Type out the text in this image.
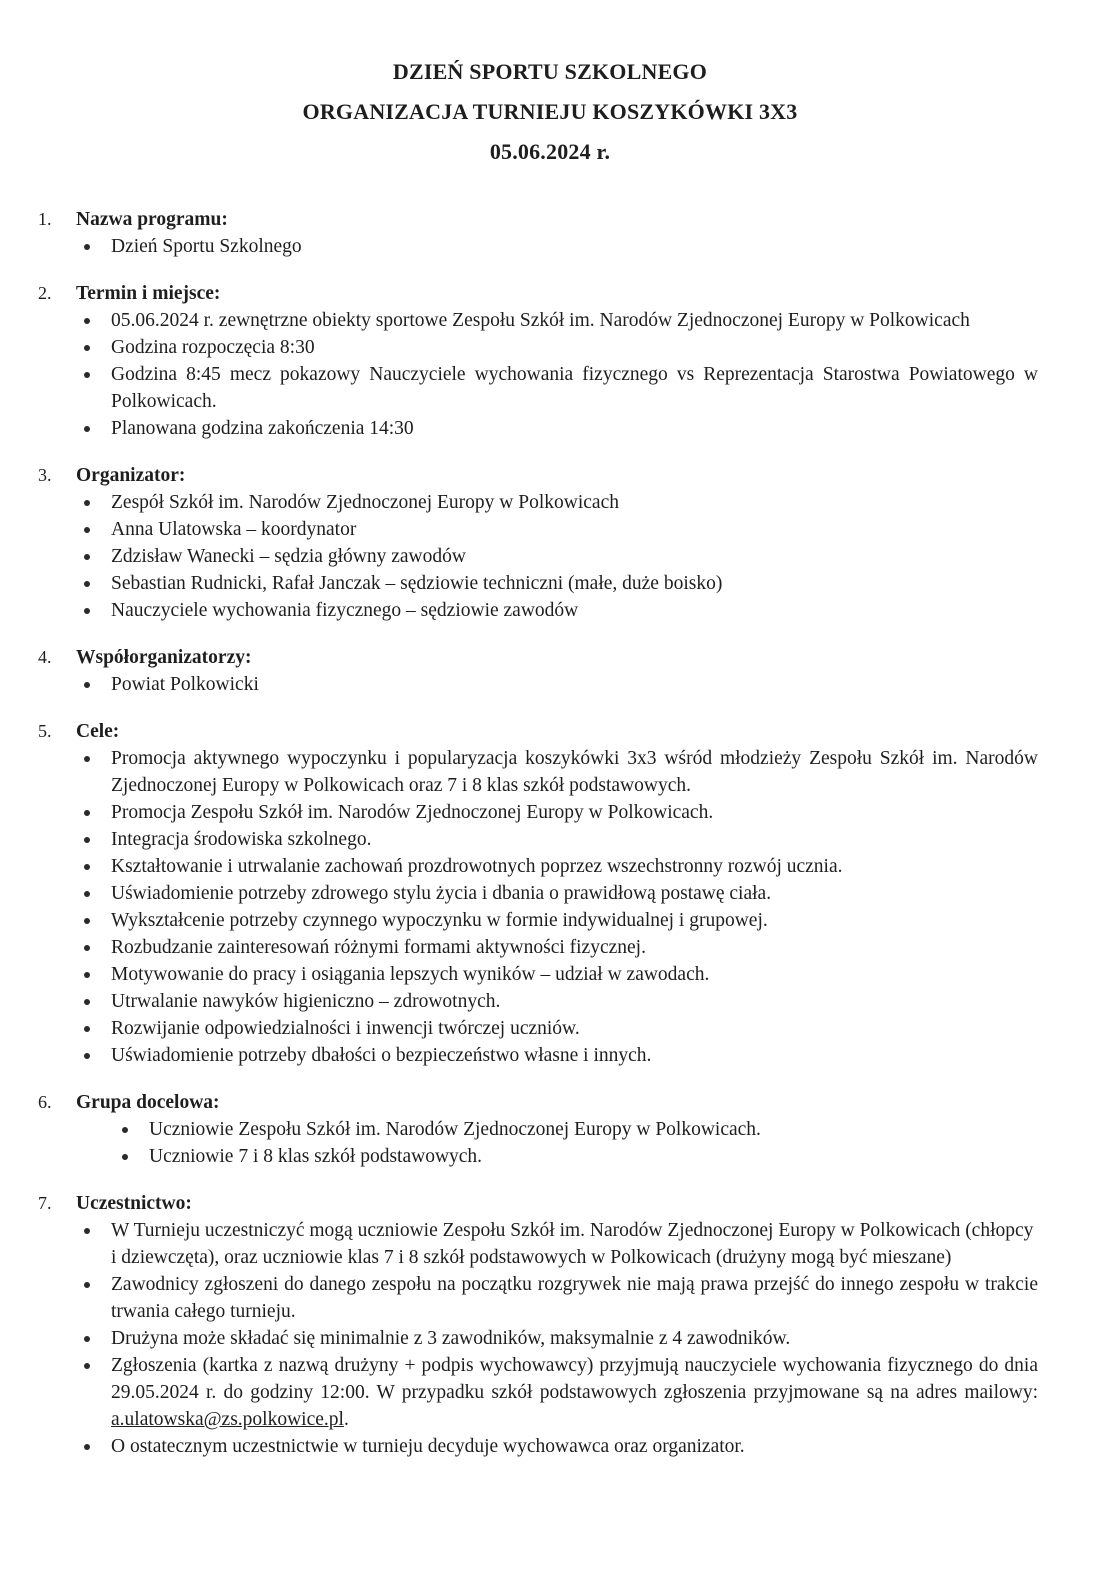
DZIEŃ SPORTU SZKOLNEGO

ORGANIZACJA TURNIEJU KOSZYKÓWKI 3X3

05.06.2024 r.

1.	Nazwa programu:
Dzień Sportu Szkolnego
2.	Termin i miejsce:
05.06.2024 r. zewnętrzne obiekty sportowe Zespołu Szkół im. Narodów Zjednoczonej Europy w Polkowicach
Godzina rozpoczęcia 8:30
Godzina 8:45 mecz pokazowy Nauczyciele wychowania fizycznego vs Reprezentacja Starostwa Powiatowego w Polkowicach.
Planowana godzina zakończenia 14:30
3.	Organizator:
Zespół Szkół im. Narodów Zjednoczonej Europy w Polkowicach
Anna Ulatowska – koordynator
Zdzisław Wanecki – sędzia główny zawodów
Sebastian Rudnicki, Rafał Janczak – sędziowie techniczni (małe, duże boisko)
Nauczyciele wychowania fizycznego – sędziowie zawodów
4.	Współorganizatorzy:
Powiat Polkowicki
5.	Cele:
Promocja aktywnego wypoczynku i popularyzacja koszykówki 3x3 wśród młodzieży Zespołu Szkół im. Narodów Zjednoczonej Europy w Polkowicach oraz 7 i 8 klas szkół podstawowych.
Promocja Zespołu Szkół im. Narodów Zjednoczonej Europy w Polkowicach.
Integracja środowiska szkolnego.
Kształtowanie i utrwalanie zachowań prozdrowotnych poprzez wszechstronny rozwój ucznia.
Uświadomienie potrzeby zdrowego stylu życia i dbania o prawidłową postawę ciała.
Wykształcenie potrzeby czynnego wypoczynku w formie indywidualnej i grupowej.
Rozbudzanie zainteresowań różnymi formami aktywności fizycznej.
Motywowanie do pracy i osiągania lepszych wyników – udział w zawodach.
Utrwalanie nawyków higieniczno – zdrowotnych.
Rozwijanie odpowiedzialności i inwencji twórczej uczniów.
Uświadomienie potrzeby dbałości o bezpieczeństwo własne i innych.
6.	Grupa docelowa:
Uczniowie Zespołu Szkół im. Narodów Zjednoczonej Europy w Polkowicach.
Uczniowie 7 i 8 klas szkół podstawowych.
7.	Uczestnictwo:
W Turnieju uczestniczyć mogą uczniowie Zespołu Szkół im. Narodów Zjednoczonej Europy w Polkowicach (chłopcy i dziewczęta), oraz uczniowie klas 7 i 8 szkół podstawowych w Polkowicach (drużyny mogą być mieszane)
Zawodnicy zgłoszeni do danego zespołu na początku rozgrywek nie mają prawa przejść do innego zespołu w trakcie trwania całego turnieju.
Drużyna może składać się minimalnie z 3 zawodników, maksymalnie z 4 zawodników.
Zgłoszenia (kartka z nazwą drużyny + podpis wychowawcy) przyjmują nauczyciele wychowania fizycznego do dnia 29.05.2024 r. do godziny 12:00. W przypadku szkół podstawowych zgłoszenia przyjmowane są na adres mailowy: a.ulatowska@zs.polkowice.pl.
O ostatecznym uczestnictwie w turnieju decyduje wychowawca oraz organizator.
